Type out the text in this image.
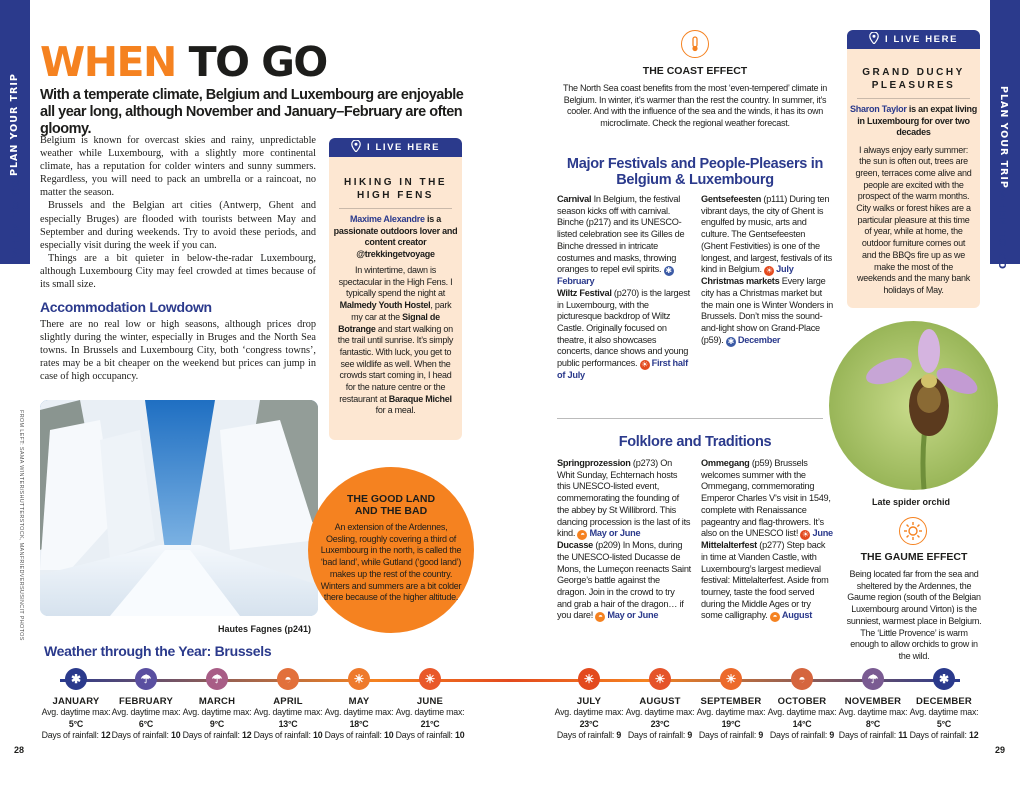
PLAN YOUR TRIP
WHEN TO GO
PLAN YOUR TRIP
WHEN TO GO
WHEN TO GO
With a temperate climate, Belgium and Luxembourg are enjoyable all year long, although November and January–February are often gloomy.

Belgium is known for overcast skies and rainy, unpredictable weather while Luxembourg, with a slightly more continental climate, has a reputation for colder winters and sunny summers. Regardless, you will need to pack an umbrella or a raincoat, no matter the season.

Brussels and the Belgian art cities (Antwerp, Ghent and especially Bruges) are flooded with tourists between May and September and during weekends. Try to avoid these periods, and especially visit during the week if you can.

Things are a bit quieter in below-the-radar Luxembourg, although Luxembourg City may feel crowded at times because of its small size.

Accommodation Lowdown

There are no real low or high seasons, although prices drop slightly during the winter, especially in Bruges and the North Sea towns. In Brussels and Luxembourg City, both ‘congress towns’, rates may be a bit cheaper on the weekend but prices can jump in case of high occupancy.

FROM LEFT: SAMA WINTER/SHUTTERSTOCK, MANFRIEDVERSUSINCIT PHOTOS	Hautes Fagnes (p241)
I LIVE HERE
HIKING IN THE HIGH FENS
Maxime Alexandre is a passionate outdoors lover and content creator
@trekkingetvoyage
In wintertime, dawn is spectacular in the High Fens. I typically spend the night at Malmedy Youth Hostel, park my car at the Signal de Botrange and start walking on the trail until sunrise. It’s simply fantastic. With luck, you get to see wildlife as well. When the crowds start coming in, I head for the nature centre or the restaurant at Baraque Michel for a meal.
THE GOOD LAND AND THE BAD
An extension of the Ardennes, Oesling, roughly covering a third of Luxembourg in the north, is called the ‘bad land’, while Gutland (‘good land’) makes up the rest of the country. Winters and summers are a bit colder there because of the higher altitude.
THE COAST EFFECT
The North Sea coast benefits from the most ‘even-tempered’ climate in Belgium. In winter, it’s warmer than the rest the country. In summer, it’s cooler. And with the influence of the sea and the winds, it has its own microclimate. Check the regional weather forecast.
Major Festivals and People-Pleasers in Belgium & Luxembourg

Carnival In Belgium, the festival season kicks off with carnival. Binche (p217) and its UNESCO-listed celebration see its Gilles de Binche dressed in intricate costumes and masks, throwing oranges to repel evil spirits. ✱February

Wiltz Festival (p270) is the largest in Luxembourg, with the picturesque backdrop of Wiltz Castle. Originally focused on theatre, it also showcases concerts, dance shows and young public performances. ☀ First half of July

Gentsefeesten (p111) During ten vibrant days, the city of Ghent is engulfed by music, arts and culture. The Gentsefeesten (Ghent Festivities) is one of the longest, and largest, festivals of its kind in Belgium. ☀ July

Christmas markets Every large city has a Christmas market but the main one is Winter Wonders in Brussels. Don’t miss the sound-and-light show on Grand-Place (p59). ✱ December

Folklore and Traditions

Springprozession (p273) On Whit Sunday, Echternach hosts this UNESCO-listed event, commemorating the founding of the abbey by St Willibrord. This dancing procession is the last of its kind. ◓ May or June

Ducasse (p209) In Mons, during the UNESCO-listed Ducasse de Mons, the Lumeçon reenacts Saint George’s battle against the dragon. Join in the crowd to try and grab a hair of the dragon… if you dare! ◓ May or June

Ommegang (p59) Brussels welcomes summer with the Ommegang, commemorating Emperor Charles V’s visit in 1549, complete with Renaissance pageantry and flag-throwers. It’s also on the UNESCO list! ☀ June

Mittelalterfest (p277) Step back in time at Vianden Castle, with Luxembourg’s largest medieval festival: Mittelalterfest. Aside from tourney, taste the food served during the Middle Ages or try some calligraphy. ◓ August

I LIVE HERE
GRAND DUCHY PLEASURES
Sharon Taylor is an expat living in Luxembourg for over two decades
I always enjoy early summer: the sun is often out, trees are green, terraces come alive and people are excited with the prospect of the warm months. City walks or forest hikes are a particular pleasure at this time of year, while at home, the outdoor furniture comes out and the BBQs fire up as we make the most of the weekends and the many bank holidays of May.
Late spider orchid
THE GAUME EFFECT
Being located far from the sea and sheltered by the Ardennes, the Gaume region (south of the Belgian Luxembourg around Virton) is the sunniest, warmest place in Belgium. The ‘Little Provence’ is warm enough to allow orchids to grow in the wild.
Weather through the Year: Brussels
✱
JANUARY
Avg. daytime max: 5°C
Days of rainfall: 12
☂
FEBRUARY
Avg. daytime max: 6°C
Days of rainfall: 10
☂
MARCH
Avg. daytime max: 9°C
Days of rainfall: 12
◓
APRIL
Avg. daytime max: 13°C
Days of rainfall: 10
☀
MAY
Avg. daytime max: 18°C
Days of rainfall: 10
☀
JUNE
Avg. daytime max: 21°C
Days of rainfall: 10
☀
JULY
Avg. daytime max: 23°C
Days of rainfall: 9
☀
AUGUST
Avg. daytime max: 23°C
Days of rainfall: 9
☀
SEPTEMBER
Avg. daytime max: 19°C
Days of rainfall: 9
◓
OCTOBER
Avg. daytime max: 14°C
Days of rainfall: 9
☂
NOVEMBER
Avg. daytime max: 8°C
Days of rainfall: 11
✱
DECEMBER
Avg. daytime max: 5°C
Days of rainfall: 12
28	29
